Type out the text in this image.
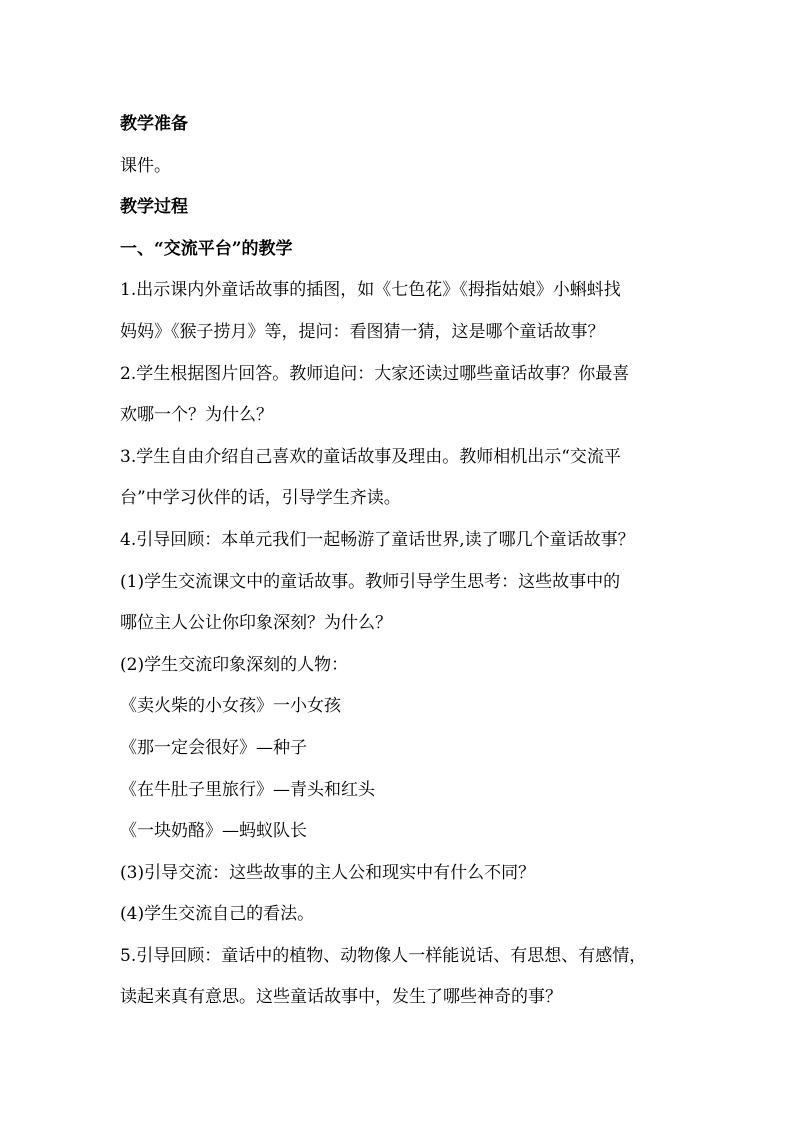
教学准备
课件。
教学过程
一、“交流平台”的教学
1.出示课内外童话故事的插图，如《七色花》《拇指姑娘》小蝌蚪找
妈妈》《猴子捞月》等，提问：看图猜一猜，这是哪个童话故事？
2.学生根据图片回答。教师追问：大家还读过哪些童话故事？你最喜
欢哪一个？为什么？
3.学生自由介绍自己喜欢的童话故事及理由。教师相机出示“交流平
台”中学习伙伴的话，引导学生齐读。
4.引导回顾：本单元我们一起畅游了童话世界,读了哪几个童话故事？
(1)学生交流课文中的童话故事。教师引导学生思考：这些故事中的
哪位主人公让你印象深刻？为什么？
(2)学生交流印象深刻的人物：
《卖火柴的小女孩》一小女孩
《那一定会很好》—种子
《在牛肚子里旅行》—青头和红头
《一块奶酪》—蚂蚁队长
(3)引导交流：这些故事的主人公和现实中有什么不同？
(4)学生交流自己的看法。
5.引导回顾：童话中的植物、动物像人一样能说话、有思想、有感情，
读起来真有意思。这些童话故事中，发生了哪些神奇的事？
